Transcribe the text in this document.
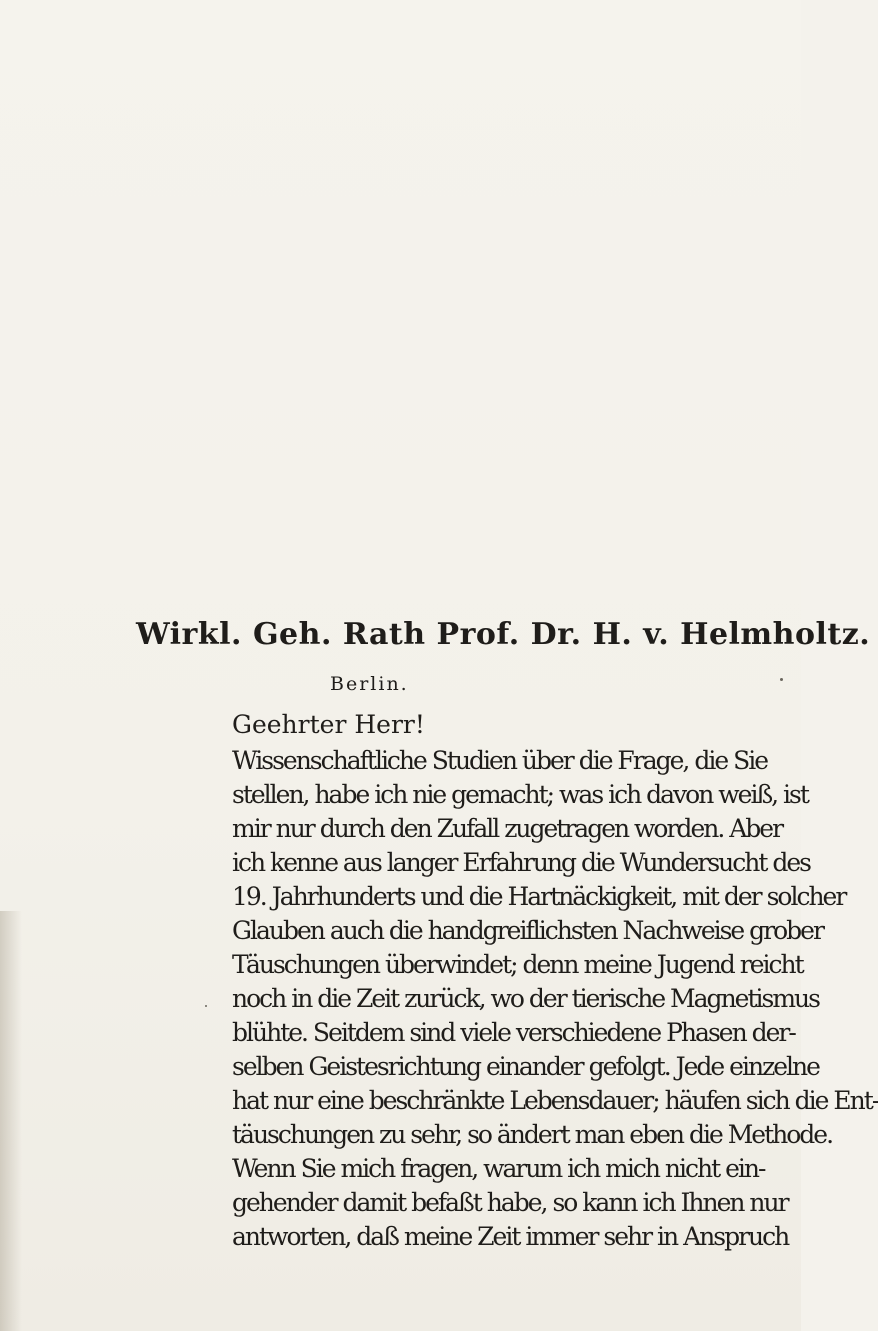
Wirkl. Geh. Rath Prof. Dr. H. v. Helmholtz.
Berlin.
Geehrter Herr!
Wissenschaftliche Studien über die Frage, die Sie
stellen, habe ich nie gemacht; was ich davon weiß, ist
mir nur durch den Zufall zugetragen worden. Aber
ich kenne aus langer Erfahrung die Wundersucht des
19. Jahrhunderts und die Hartnäckigkeit, mit der solcher
Glauben auch die handgreiflichsten Nachweise grober
Täuschungen überwindet; denn meine Jugend reicht
noch in die Zeit zurück, wo der tierische Magnetismus
blühte. Seitdem sind viele verschiedene Phasen der-
selben Geistesrichtung einander gefolgt. Jede einzelne
hat nur eine beschränkte Lebensdauer; häufen sich die Ent-
täuschungen zu sehr, so ändert man eben die Methode.
Wenn Sie mich fragen, warum ich mich nicht ein-
gehender damit befaßt habe, so kann ich Ihnen nur
antworten, daß meine Zeit immer sehr in Anspruch
